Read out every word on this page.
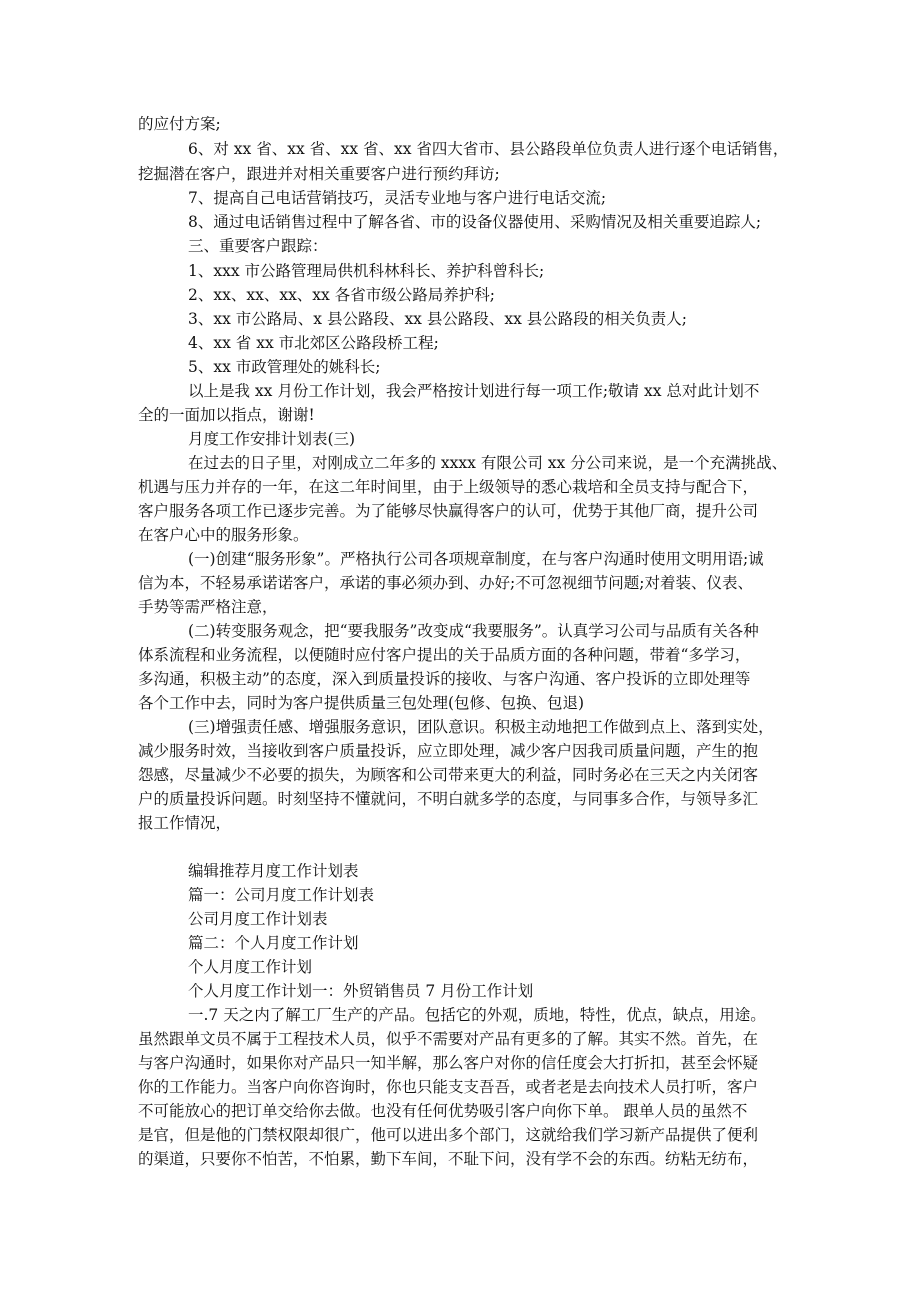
的应付方案;

6、对 xx 省、xx 省、xx 省、xx 省四大省市、县公路段单位负责人进行逐个电话销售，

挖掘潜在客户，跟进并对相关重要客户进行预约拜访;

7、提高自己电话营销技巧，灵活专业地与客户进行电话交流;

8、通过电话销售过程中了解各省、市的设备仪器使用、采购情况及相关重要追踪人;

三、重要客户跟踪：

1、xxx 市公路管理局供机科林科长、养护科曾科长;

2、xx、xx、xx、xx 各省市级公路局养护科;

3、xx 市公路局、x 县公路段、xx 县公路段、xx 县公路段的相关负责人;

4、xx 省 xx 市北郊区公路段桥工程;

5、xx 市政管理处的姚科长;

以上是我 xx 月份工作计划，我会严格按计划进行每一项工作;敬请 xx 总对此计划不

全的一面加以指点，谢谢!

月度工作安排计划表(三)

在过去的日子里，对刚成立二年多的 xxxx 有限公司 xx 分公司来说，是一个充满挑战、

机遇与压力并存的一年，在这二年时间里，由于上级领导的悉心栽培和全员支持与配合下，

客户服务各项工作已逐步完善。为了能够尽快赢得客户的认可，优势于其他厂商，提升公司

在客户心中的服务形象。

(一)创建“服务形象”。严格执行公司各项规章制度，在与客户沟通时使用文明用语;诚

信为本，不轻易承诺诺客户，承诺的事必须办到、办好;不可忽视细节问题;对着装、仪表、

手势等需严格注意，

(二)转变服务观念，把“要我服务”改变成“我要服务”。认真学习公司与品质有关各种

体系流程和业务流程，以便随时应付客户提出的关于品质方面的各种问题，带着“多学习，

多沟通，积极主动”的态度，深入到质量投诉的接收、与客户沟通、客户投诉的立即处理等

各个工作中去，同时为客户提供质量三包处理(包修、包换、包退)

(三)增强责任感、增强服务意识，团队意识。积极主动地把工作做到点上、落到实处，

减少服务时效，当接收到客户质量投诉，应立即处理，减少客户因我司质量问题，产生的抱

怨感，尽量减少不必要的损失，为顾客和公司带来更大的利益，同时务必在三天之内关闭客

户的质量投诉问题。时刻坚持不懂就问，不明白就多学的态度，与同事多合作，与领导多汇

报工作情况，

编辑推荐月度工作计划表

篇一：公司月度工作计划表

公司月度工作计划表

篇二：个人月度工作计划

个人月度工作计划

个人月度工作计划一：外贸销售员 7 月份工作计划

一.7 天之内了解工厂生产的产品。包括它的外观，质地，特性，优点，缺点，用途。

虽然跟单文员不属于工程技术人员，似乎不需要对产品有更多的了解。其实不然。首先，在

与客户沟通时，如果你对产品只一知半解，那么客户对你的信任度会大打折扣，甚至会怀疑

你的工作能力。当客户向你咨询时，你也只能支支吾吾，或者老是去向技术人员打听，客户

不可能放心的把订单交给你去做。也没有任何优势吸引客户向你下单。 跟单人员的虽然不

是官，但是他的门禁权限却很广，他可以进出多个部门，这就给我们学习新产品提供了便利

的渠道，只要你不怕苦，不怕累，勤下车间，不耻下问，没有学不会的东西。纺粘无纺布，
